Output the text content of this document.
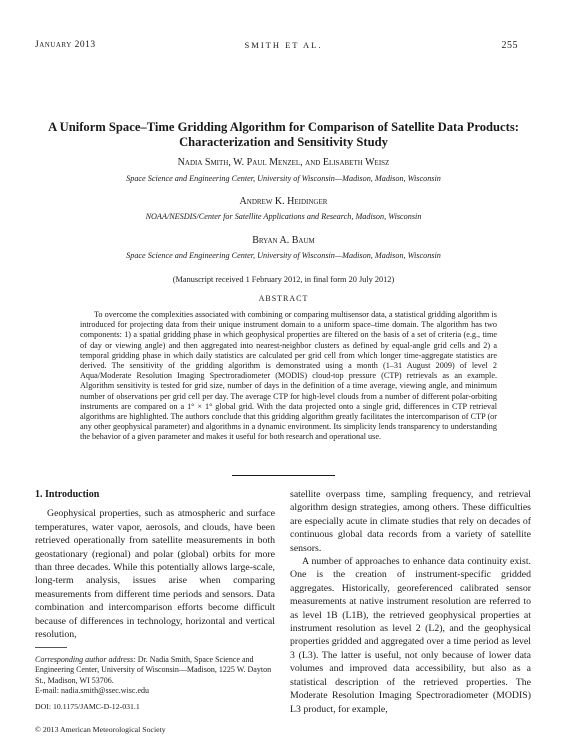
January 2013	SMITH ET AL.	255
A Uniform Space–Time Gridding Algorithm for Comparison of Satellite Data Products:
Characterization and Sensitivity Study
Nadia Smith, W. Paul Menzel, and Elisabeth Weisz
Space Science and Engineering Center, University of Wisconsin—Madison, Madison, Wisconsin
Andrew K. Heidinger
NOAA/NESDIS/Center for Satellite Applications and Research, Madison, Wisconsin
Bryan A. Baum
Space Science and Engineering Center, University of Wisconsin—Madison, Madison, Wisconsin
(Manuscript received 1 February 2012, in final form 20 July 2012)
ABSTRACT
To overcome the complexities associated with combining or comparing multisensor data, a statistical gridding algorithm is introduced for projecting data from their unique instrument domain to a uniform space–time domain. The algorithm has two components: 1) a spatial gridding phase in which geophysical properties are filtered on the basis of a set of criteria (e.g., time of day or viewing angle) and then aggregated into nearest-neighbor clusters as defined by equal-angle grid cells and 2) a temporal gridding phase in which daily statistics are calculated per grid cell from which longer time-aggregate statistics are derived. The sensitivity of the gridding algorithm is demonstrated using a month (1–31 August 2009) of level 2 Aqua/Moderate Resolution Imaging Spectroradiometer (MODIS) cloud-top pressure (CTP) retrievals as an example. Algorithm sensitivity is tested for grid size, number of days in the definition of a time average, viewing angle, and minimum number of observations per grid cell per day. The average CTP for high-level clouds from a number of different polar-orbiting instruments are compared on a 1° × 1° global grid. With the data projected onto a single grid, differences in CTP retrieval algorithms are highlighted. The authors conclude that this gridding algorithm greatly facilitates the intercomparison of CTP (or any other geophysical parameter) and algorithms in a dynamic environment. Its simplicity lends transparency to understanding the behavior of a given parameter and makes it useful for both research and operational use.
1. Introduction

Geophysical properties, such as atmospheric and surface temperatures, water vapor, aerosols, and clouds, have been retrieved operationally from satellite measurements in both geostationary (regional) and polar (global) orbits for more than three decades. While this potentially allows large-scale, long-term analysis, issues arise when comparing measurements from different time periods and sensors. Data combination and intercomparison efforts become difficult because of differences in technology, horizontal and vertical resolution,

satellite overpass time, sampling frequency, and retrieval algorithm design strategies, among others. These difficulties are especially acute in climate studies that rely on decades of continuous global data records from a variety of satellite sensors.

A number of approaches to enhance data continuity exist. One is the creation of instrument-specific gridded aggregates. Historically, georeferenced calibrated sensor measurements at native instrument resolution are referred to as level 1B (L1B), the retrieved geophysical properties at instrument resolution as level 2 (L2), and the geophysical properties gridded and aggregated over a time period as level 3 (L3). The latter is useful, not only because of lower data volumes and improved data accessibility, but also as a statistical description of the retrieved properties. The Moderate Resolution Imaging Spectroradiometer (MODIS) L3 product, for example,

Corresponding author address: Dr. Nadia Smith, Space Science and Engineering Center, University of Wisconsin—Madison, 1225 W. Dayton St., Madison, WI 53706.
E-mail: nadia.smith@ssec.wisc.edu
DOI: 10.1175/JAMC-D-12-031.1
© 2013 American Meteorological Society
